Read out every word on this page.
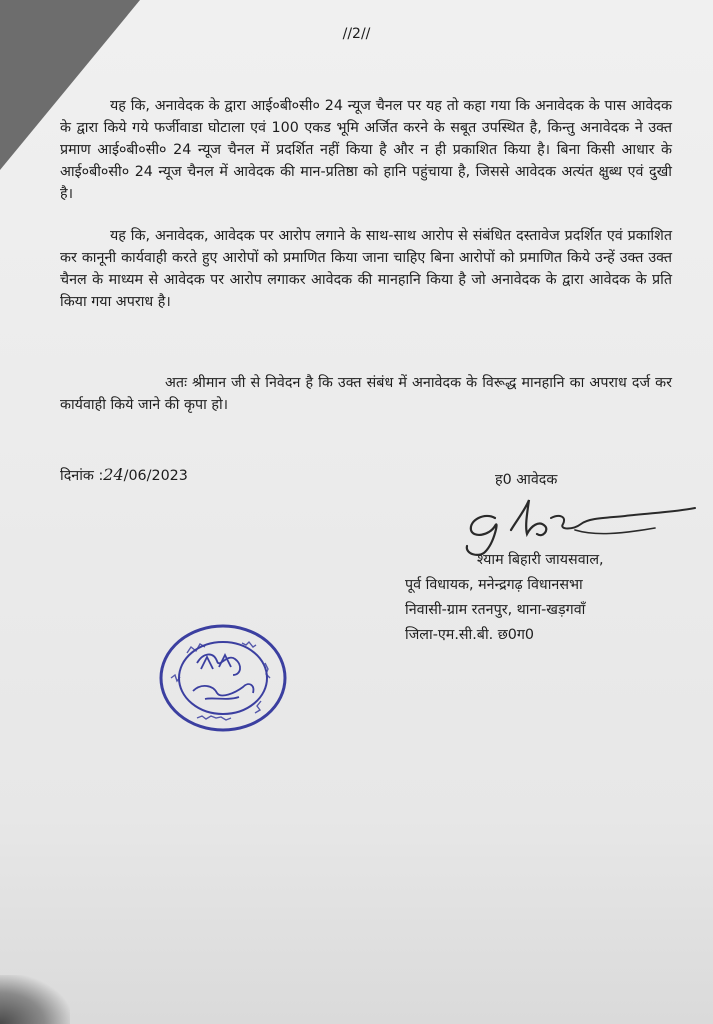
//2//
यह कि, अनावेदक के द्वारा आई०बी०सी० 24 न्यूज चैनल पर यह तो कहा गया कि अनावेदक के पास आवेदक के द्वारा किये गये फर्जीवाडा घोटाला एवं 100 एकड भूमि अर्जित करने के सबूत उपस्थित है, किन्तु अनावेदक ने उक्त प्रमाण आई०बी०सी० 24 न्यूज चैनल में प्रदर्शित नहीं किया है और न ही प्रकाशित किया है। बिना किसी आधार के आई०बी०सी० 24 न्यूज चैनल में आवेदक की मान-प्रतिष्ठा को हानि पहुंचाया है, जिससे आवेदक अत्यंत क्षुब्ध एवं दुखी है।
यह कि, अनावेदक, आवेदक पर आरोप लगाने के साथ-साथ आरोप से संबंधित दस्तावेज प्रदर्शित एवं प्रकाशित कर कानूनी कार्यवाही करते हुए आरोपों को प्रमाणित किया जाना चाहिए बिना आरोपों को प्रमाणित किये उन्हें उक्त उक्त चैनल के माध्यम से आवेदक पर आरोप लगाकर आवेदक की मानहानि किया है जो अनावेदक के द्वारा आवेदक के प्रति किया गया अपराध है।
अतः श्रीमान जी से निवेदन है कि उक्त संबंध में अनावेदक के विरूद्ध मानहानि का अपराध दर्ज कर कार्यवाही किये जाने की कृपा हो।
दिनांक :24/06/2023	ह0 आवेदक
श्याम बिहारी जायसवाल,
पूर्व विधायक, मनेन्द्रगढ़ विधानसभा
निवासी-ग्राम रतनपुर, थाना-खड़गवाँ
जिला-एम.सी.बी. छ0ग0
